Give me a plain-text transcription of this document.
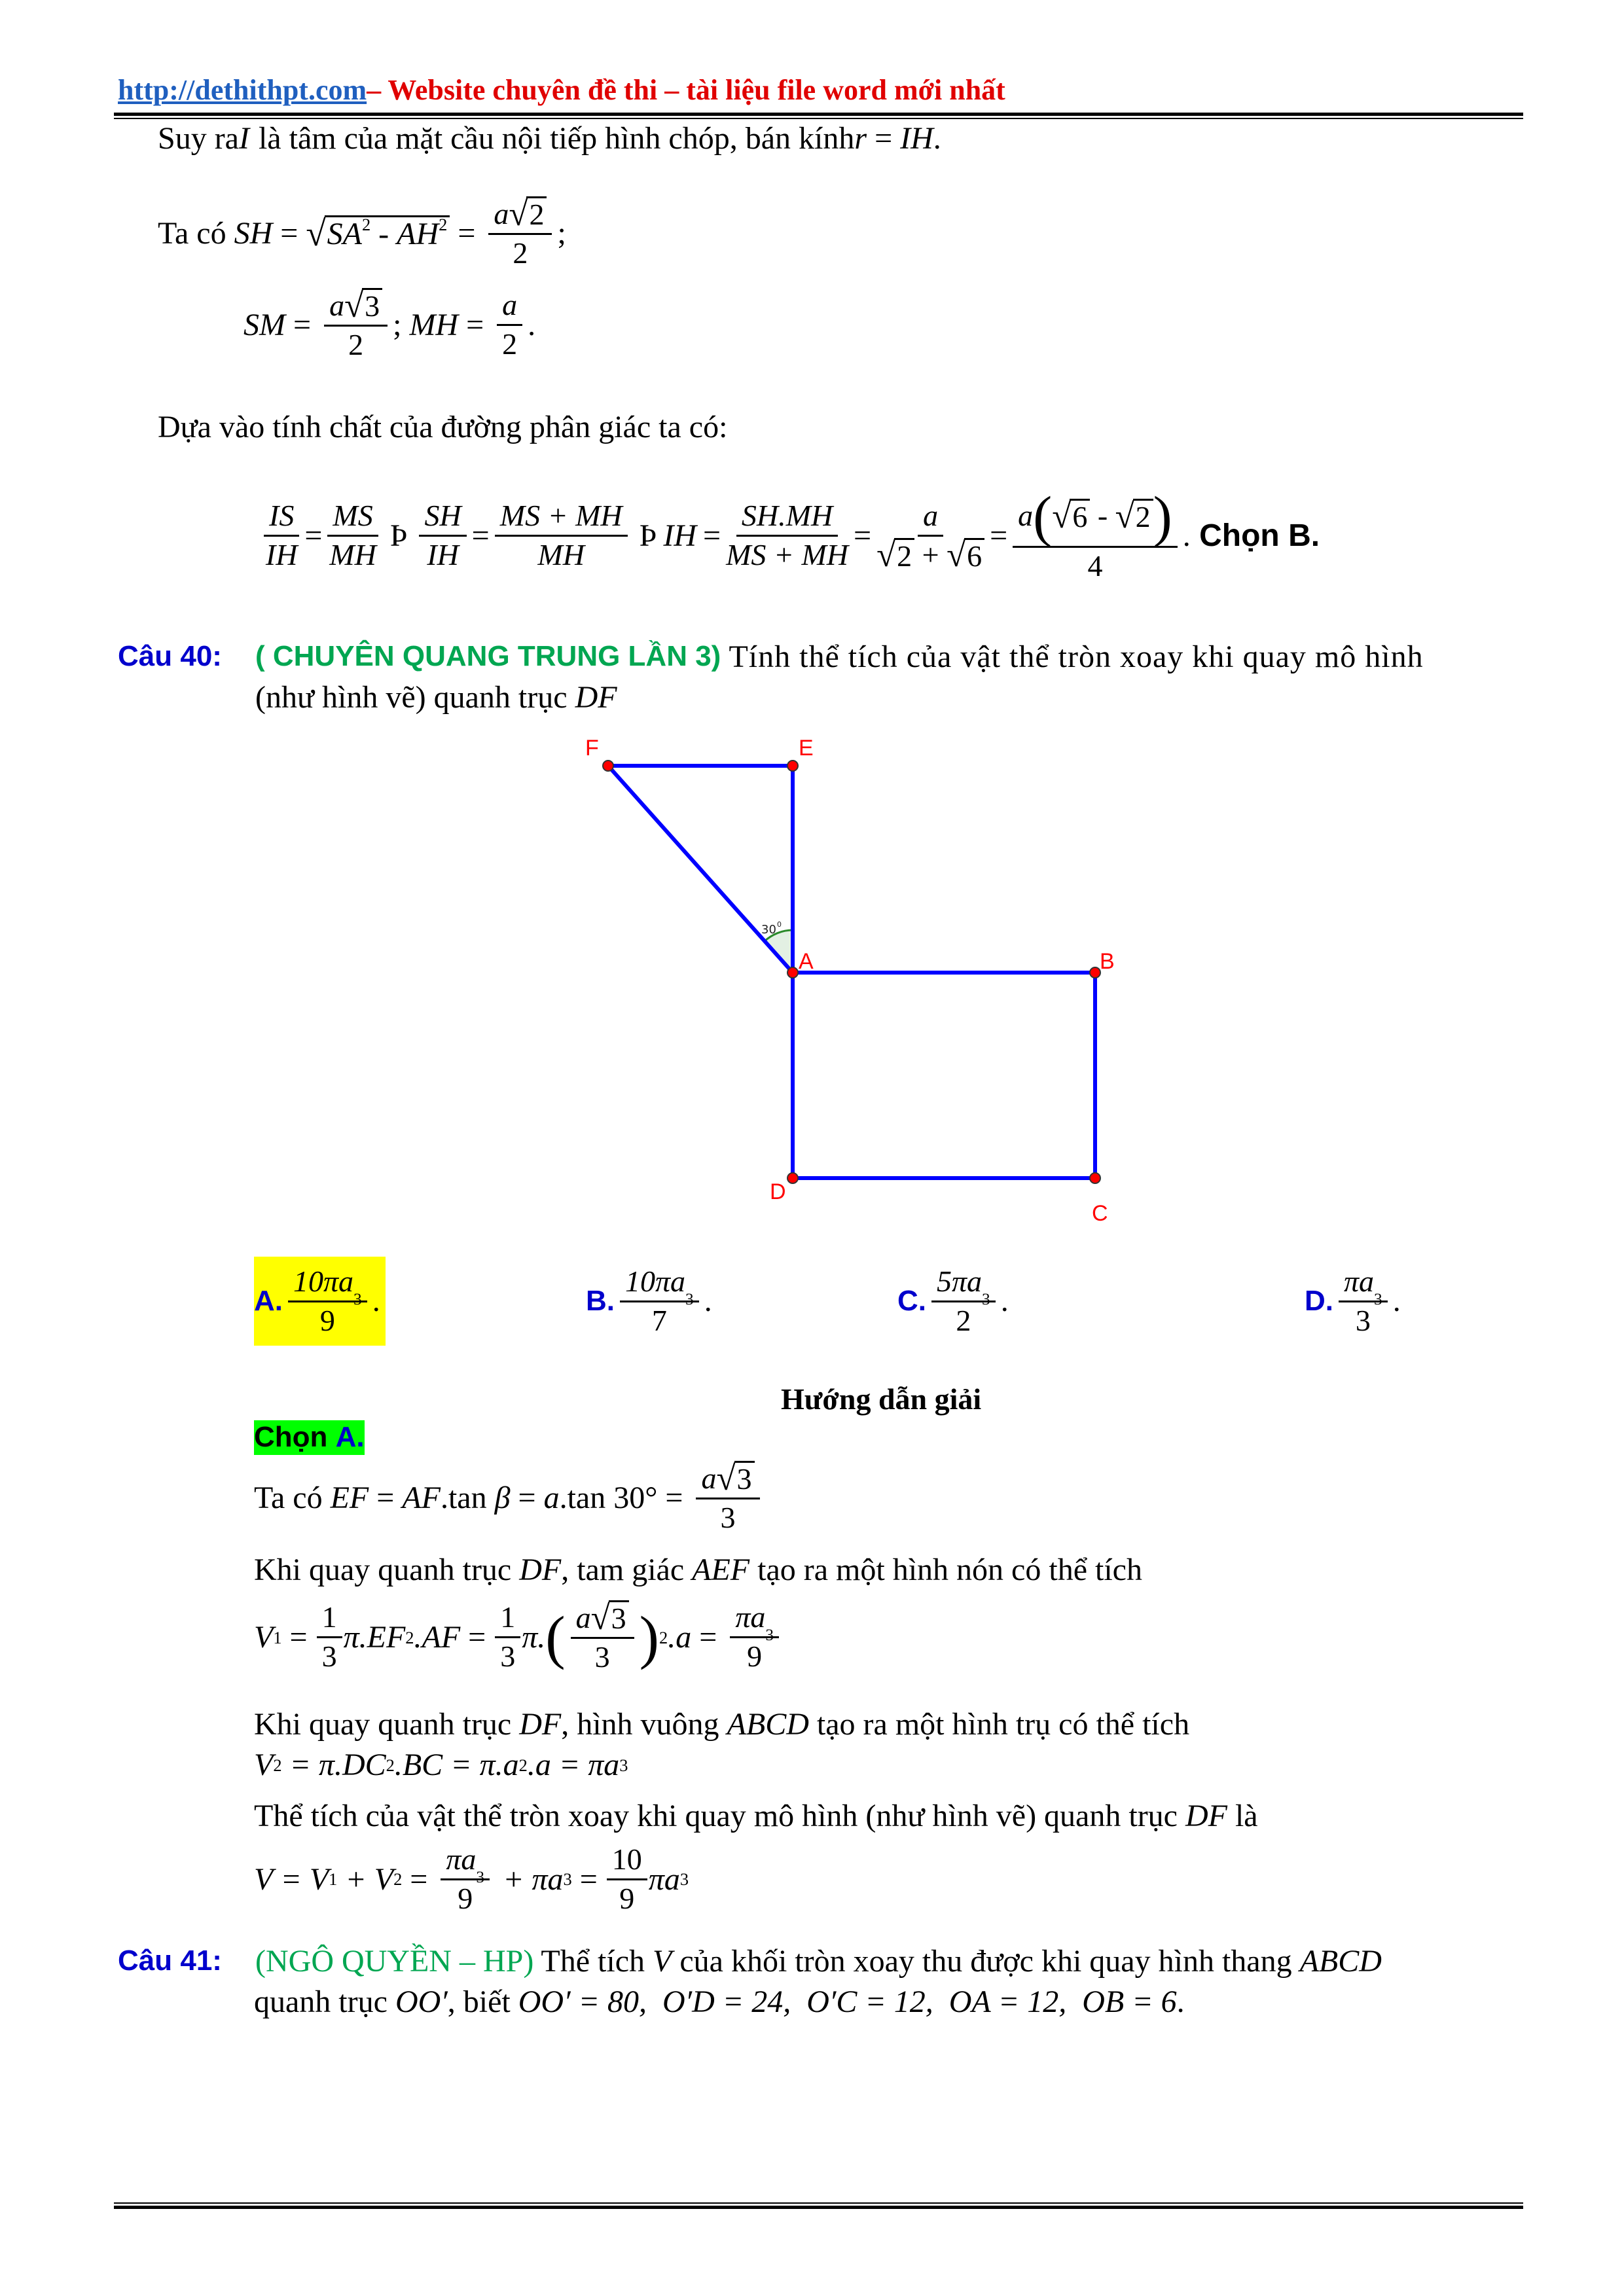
http://dethithpt.com – Website chuyên đề thi – tài liệu file word mới nhất
Suy ra I là tâm của mặt cầu nội tiếp hình chóp, bán kính r = IH .
Ta có SH = √ $SA^2 - AH^2 = \frac{a √ 2}{2}$ ;
SM = $\frac{a √ 3}{2}$ ; MH = $\frac{a}{2}$ .
Dựa vào tính chất của đường phân giác ta có:
$\frac{IS}{IH} = \frac{MS}{MH}$ Þ $\frac{SH}{IH} = \frac{MS + MH}{MH}$ Þ IH = $\frac{SH.MH}{MS + MH} = \frac{a}{√ 2 + √ 6} = \frac{a ( √ 6 - √ 2 )}{4}$ . Chọn B.
Câu 40:	( CHUYÊN QUANG TRUNG LẦN 3) Tính thể tích của vật thể tròn xoay khi quay mô hình
(như hình vẽ) quanh trục DF
F	E
A	B
D
C
30 0
A. 10πa
3
9 .	B. 10πa
3
7 .	C. 5πa
3
2 .	D. πa
3
3 .
Hướng dẫn giải
Chọn A.
Ta có EF = AF .tan β = a .tan $30^\circ = \frac{a √ 3}{3}$
Khi quay quanh trục DF , tam giác AEF tạo ra một hình nón có thể tích
V $1 = \frac{1}{3} \pi$. EF 2 $.AF = \frac{1}{3} \pi$. ( $\frac{a √ 3}{3}$ ) 2 .a = πa
3
9
Khi quay quanh trục DF , hình vuông ABCD tạo ra một hình trụ có thể tích
V 2 = π.DC 2 .BC = π.a 2 .a = πa 3
Thể tích của vật thể tròn xoay khi quay mô hình (như hình vẽ) quanh trục DF là
V = V 1 + V 2 = πa
3
9 + πa $3 = \frac{10}{9}$ πa 3
Câu 41:	(NGÔ QUYỀN – HP) Thể tích V của khối tròn xoay thu được khi quay hình thang ABCD
quanh trục OO′ , biết OO′ = 80,  O′D = 24,  O′C = 12,  OA = 12,  OB = 6 .
